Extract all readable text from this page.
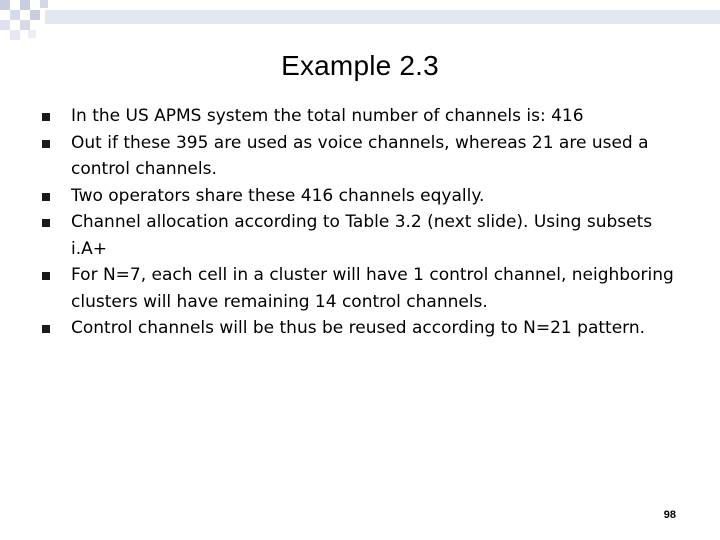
Example 2.3
In the US APMS system the total number of channels is: 416
Out if these 395 are used as voice channels, whereas 21 are used a control channels.
Two operators share these 416 channels eqyally.
Channel allocation according to Table 3.2 (next slide). Using subsets i.A+
For N=7, each cell in a cluster will have 1 control channel, neighboring clusters will have remaining 14 control channels.
Control channels will be thus be reused according to N=21 pattern.
98
